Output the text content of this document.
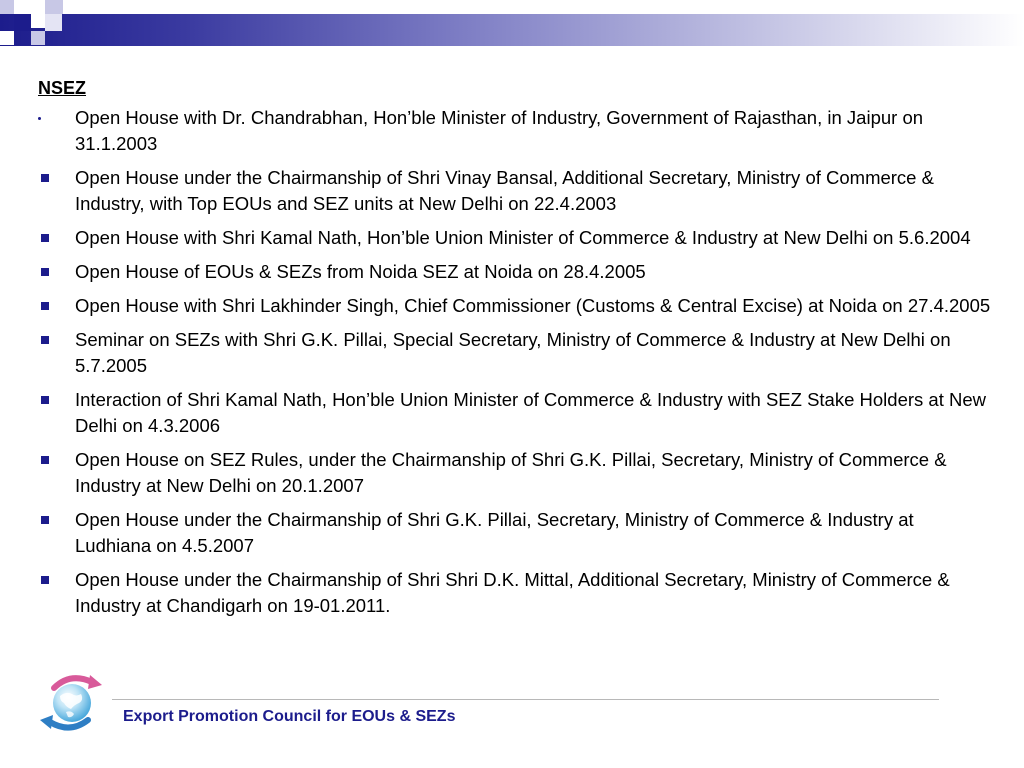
NSEZ
Open House with Dr. Chandrabhan, Hon’ble Minister of Industry, Government of Rajasthan, in Jaipur on 31.1.2003
Open House under the Chairmanship of Shri Vinay Bansal, Additional Secretary, Ministry of Commerce & Industry, with Top EOUs and SEZ units at New Delhi on 22.4.2003
Open House with Shri Kamal Nath, Hon’ble Union Minister of Commerce & Industry at New Delhi on 5.6.2004
Open House of EOUs & SEZs from Noida SEZ at Noida on 28.4.2005
Open House with Shri Lakhinder Singh, Chief Commissioner (Customs & Central Excise) at Noida on 27.4.2005
Seminar on SEZs with Shri G.K. Pillai, Special Secretary, Ministry of Commerce & Industry at New Delhi on 5.7.2005
Interaction of Shri Kamal Nath, Hon’ble Union Minister of Commerce & Industry with SEZ Stake Holders at New Delhi on 4.3.2006
Open House on SEZ Rules, under the Chairmanship of Shri G.K. Pillai, Secretary, Ministry of Commerce & Industry at New Delhi on 20.1.2007
Open House under the Chairmanship of Shri G.K. Pillai, Secretary, Ministry of Commerce & Industry at Ludhiana on 4.5.2007
Open House under the Chairmanship of Shri Shri D.K. Mittal, Additional Secretary, Ministry of Commerce & Industry at Chandigarh on 19-01.2011.
Export Promotion Council for EOUs & SEZs
